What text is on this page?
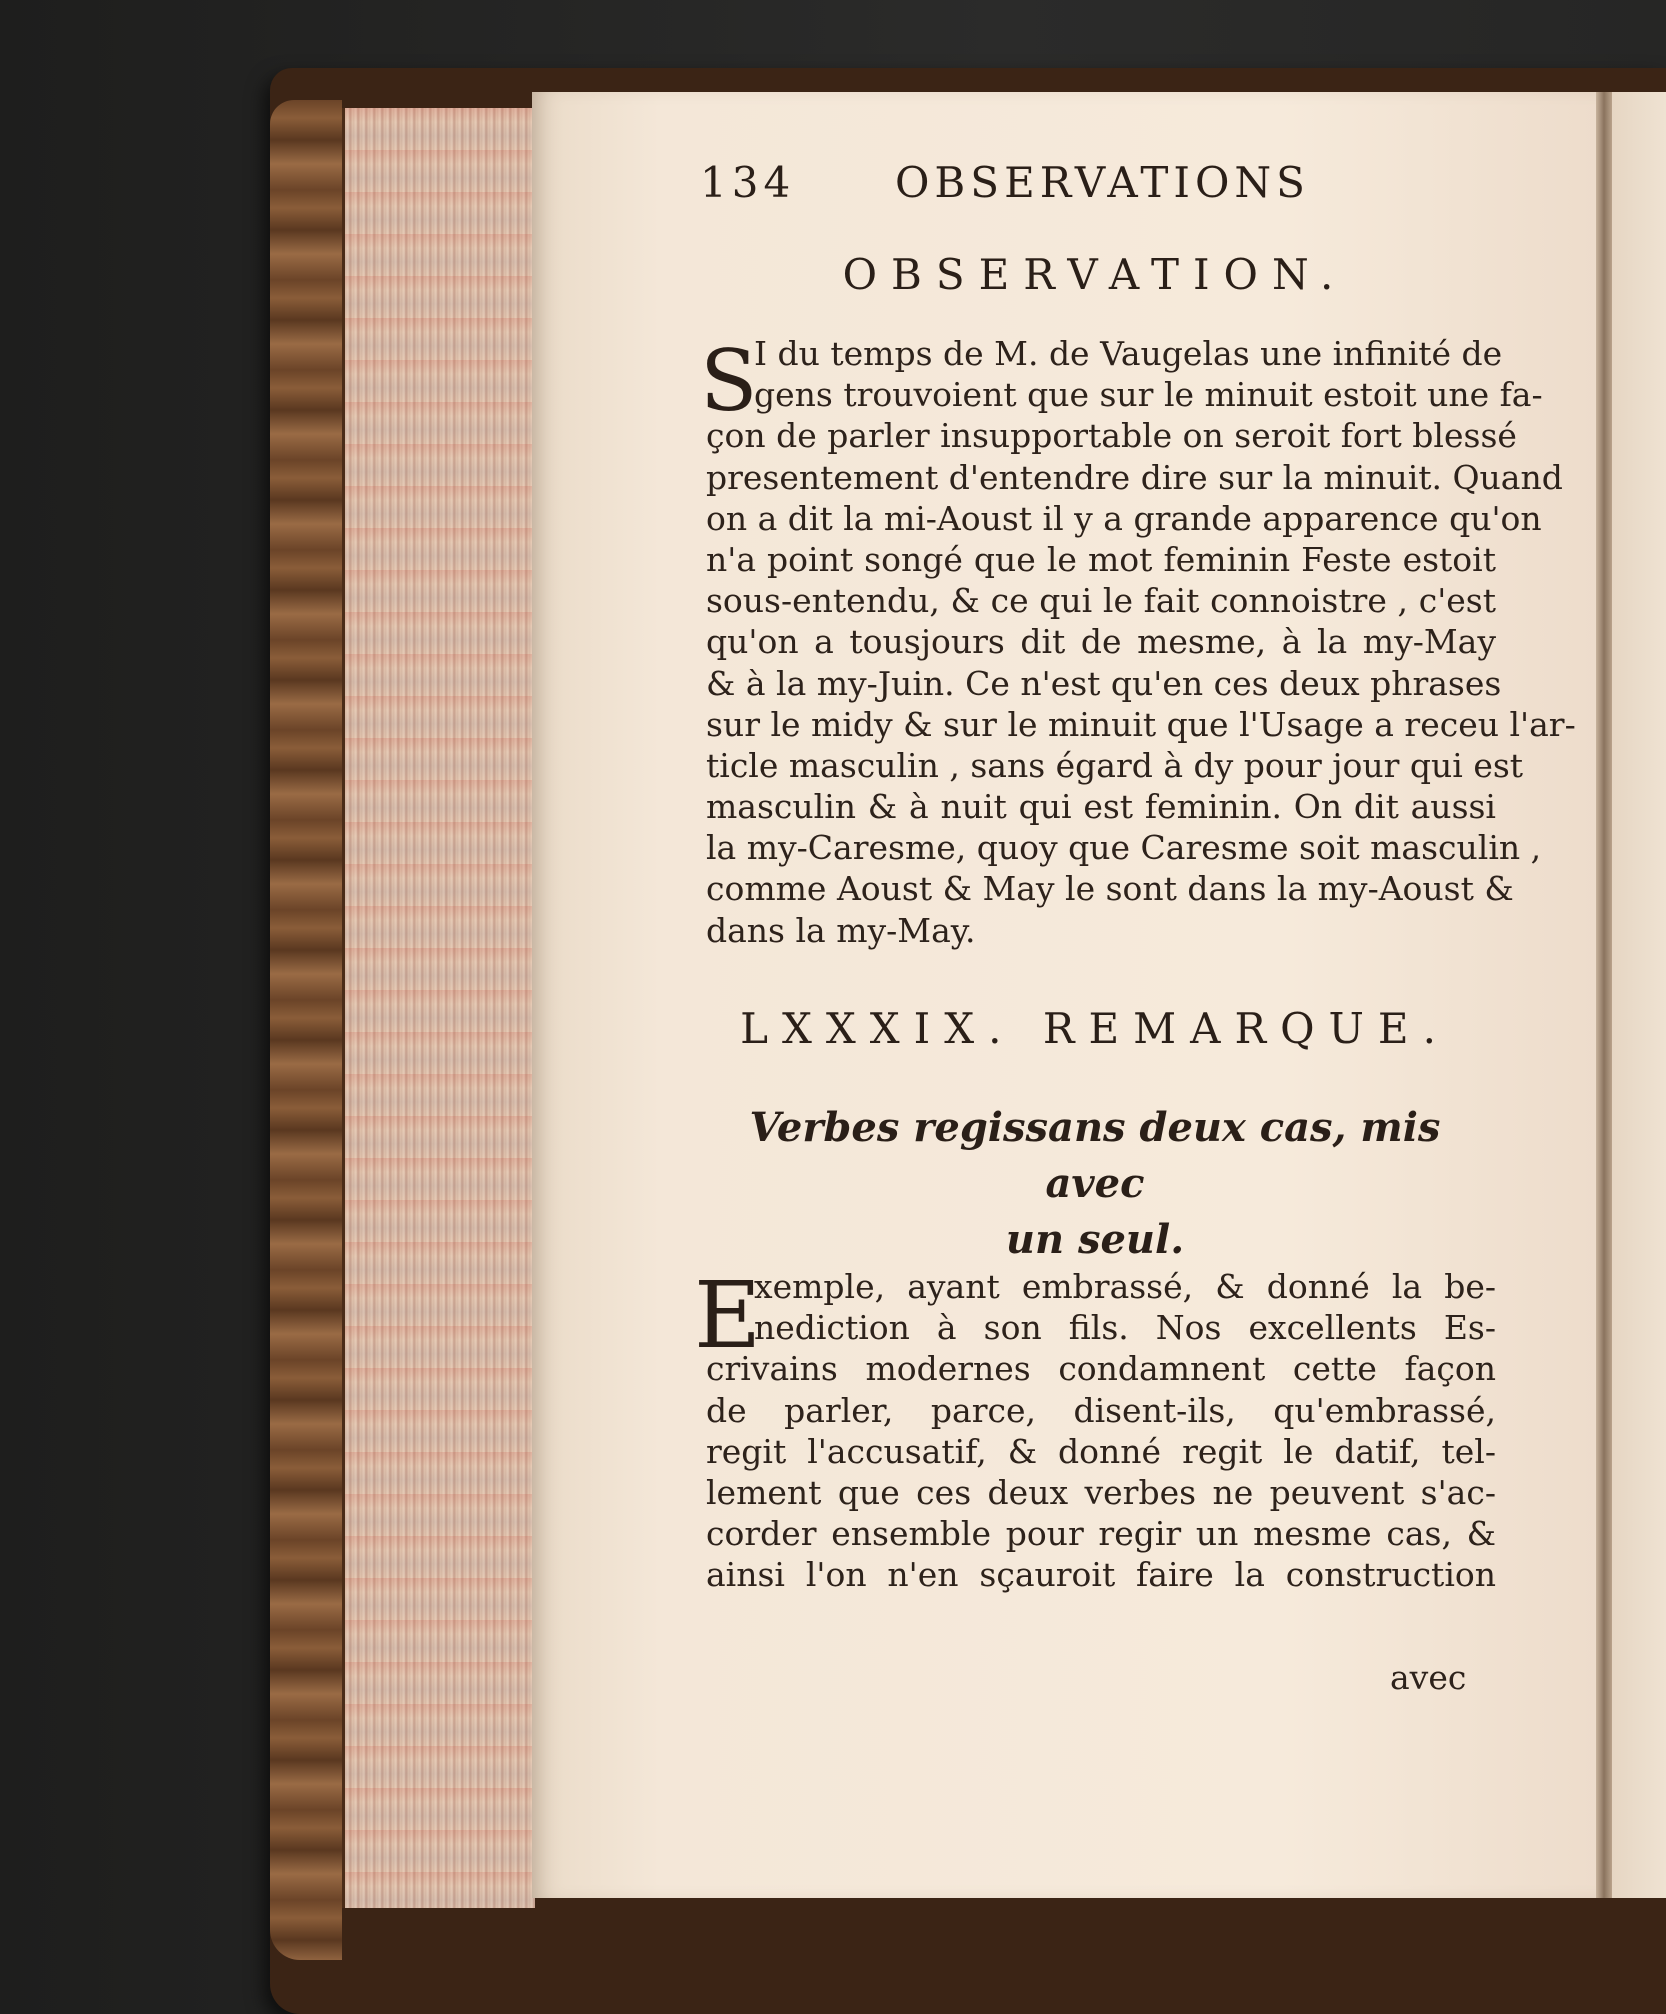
134 OBSERVATIONS
OBSERVATION.
S
I du temps de M. de Vaugelas une infinité de
gens trouvoient que sur le minuit estoit une fa-
çon de parler insupportable on seroit fort blessé
presentement d'entendre dire sur la minuit. Quand
on a dit la mi-Aoust il y a grande apparence qu'on
n'a point songé que le mot feminin Feste estoit
sous-entendu, & ce qui le fait connoistre , c'est
qu'on a tousjours dit de mesme, à la my-May
& à la my-Juin. Ce n'est qu'en ces deux phrases
sur le midy & sur le minuit que l'Usage a receu l'ar-
ticle masculin , sans égard à dy pour jour qui est
masculin & à nuit qui est feminin. On dit aussi
la my-Caresme, quoy que Caresme soit masculin ,
comme Aoust & May le sont dans la my-Aoust &
dans la my-May.
LXXXIX. REMARQUE.
Verbes regissans deux cas, mis avec
un seul.
E
xemple, ayant embrassé, & donné la be-
nediction à son fils. Nos excellents Es-
crivains modernes condamnent cette façon
de parler, parce, disent-ils, qu'embrassé,
regit l'accusatif, & donné regit le datif, tel-
lement que ces deux verbes ne peuvent s'ac-
corder ensemble pour regir un mesme cas, &
ainsi l'on n'en sçauroit faire la construction
avec
